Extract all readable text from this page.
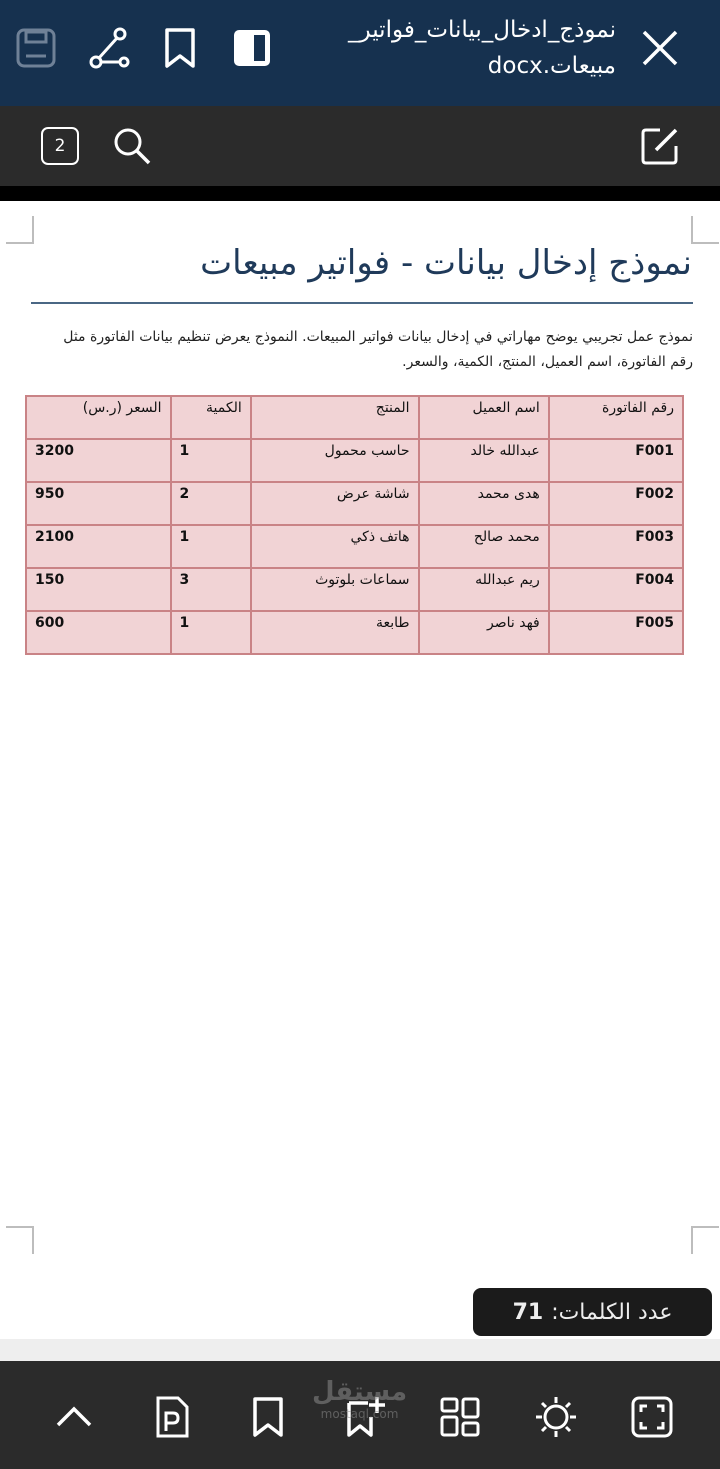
نموذج_ادخال_بيانات_فواتير_
مبيعات.docx
2
نموذج إدخال بيانات - فواتير مبيعات
نموذج عمل تجريبي يوضح مهاراتي في إدخال بيانات فواتير المبيعات. النموذج يعرض تنظيم بيانات الفاتورة مثل رقم الفاتورة، اسم العميل، المنتج، الكمية، والسعر.
رقم الفاتورة	اسم العميل	المنتج	الكمية	السعر (ر.س)
F001	عبدالله خالد	حاسب محمول	1	3200
F002	هدى محمد	شاشة عرض	2	950
F003	محمد صالح	هاتف ذكي	1	2100
F004	ريم عبدالله	سماعات بلوتوث	3	150
F005	فهد ناصر	طابعة	1	600
عدد الكلمات:
71
مستقل
mostaql.com
